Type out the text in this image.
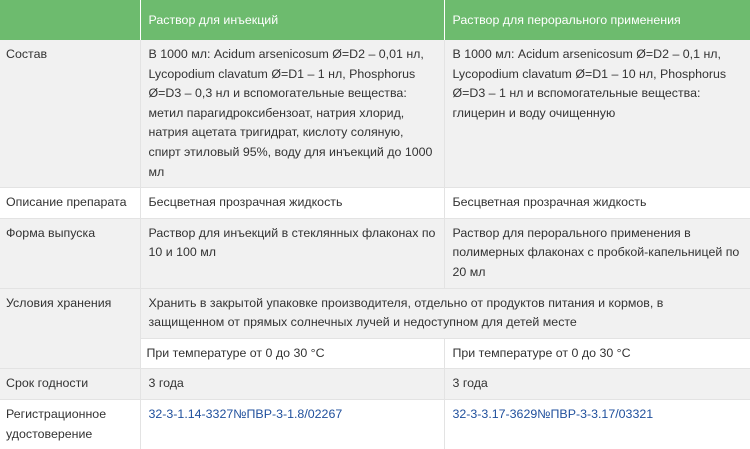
	Раствор для инъекций	Раствор для перорального применения
Состав	В 1000 мл: Acidum arsenicosum Ø=D2 – 0,01 нл, Lycopodium clavatum Ø=D1 – 1 нл, Phosphorus Ø=D3 – 0,3 нл и вспомогательные вещества: метил парагидроксибензоат, натрия хлорид, натрия ацетата тригидрат, кислоту соляную, спирт этиловый 95%, воду для инъекций до 1000 мл	В 1000 мл: Acidum arsenicosum Ø=D2 – 0,1 нл, Lycopodium clavatum Ø=D1 – 10 нл, Phosphorus Ø=D3 – 1 нл и вспомогательные вещества: глицерин и воду очищенную
Описание препарата	Бесцветная прозрачная жидкость	Бесцветная прозрачная жидкость
Форма выпуска	Раствор для инъекций в стеклянных флаконах по 10 и 100 мл	Раствор для перорального применения в полимерных флаконах с пробкой-капельницей по 20 мл
Условия хранения	Хранить в закрытой упаковке производителя, отдельно от продуктов питания и кормов, в защищенном от прямых солнечных лучей и недоступном для детей месте	
	При температуре от 0 до 30 °С	При температуре от 0 до 30 °С
Срок годности	3 года	3 года
Регистрационное удостоверение	32-3-1.14-3327№ПВР-3-1.8/02267	32-3-3.17-3629№ПВР-3-3.17/03321
